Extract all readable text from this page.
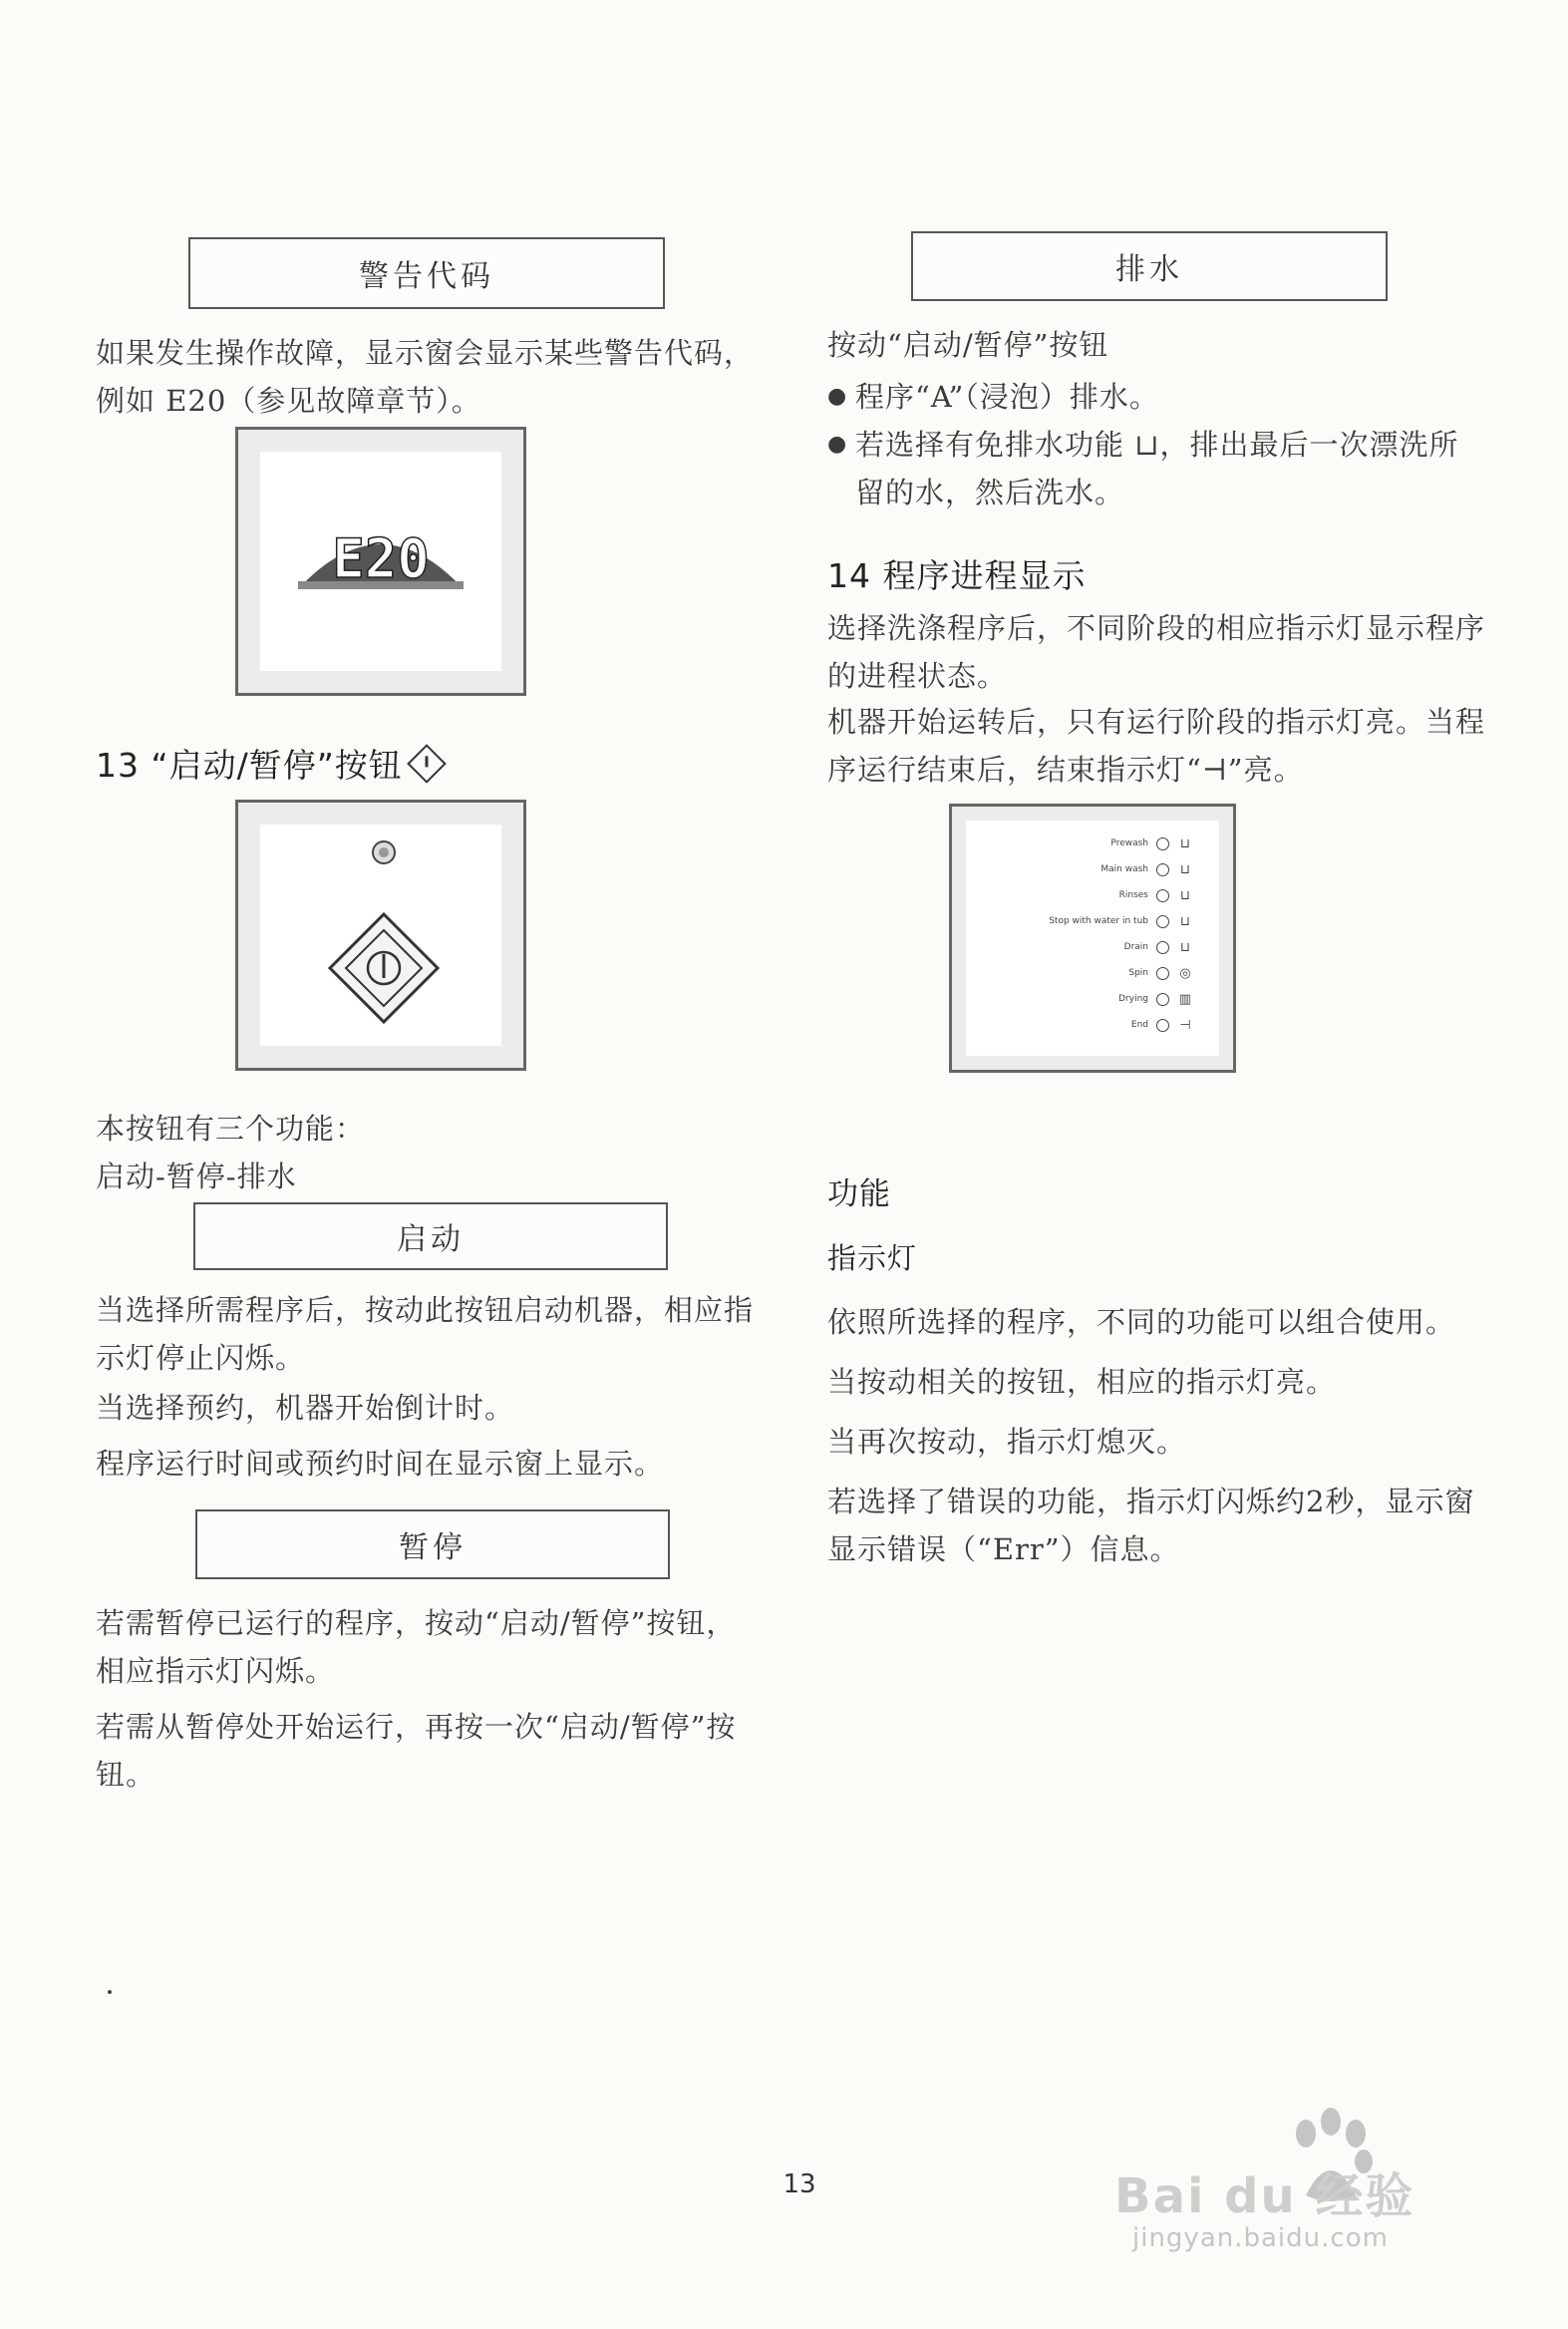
警告代码
如果发生操作故障，显示窗会显示某些警告代码，例如 E20（参见故障章节）。
E20
13 “启动/暂停”按钮
本按钮有三个功能：
启动-暂停-排水
启动
当选择所需程序后，按动此按钮启动机器，相应指示灯停止闪烁。
当选择预约，机器开始倒计时。
程序运行时间或预约时间在显示窗上显示。
暂停
若需暂停已运行的程序，按动“启动/暂停”按钮，相应指示灯闪烁。
若需从暂停处开始运行，再按一次“启动/暂停”按钮。
排水
按动“启动/暂停”按钮
● 程序“A”（浸泡）排水。
● 若选择有免排水功能 ⊔，排出最后一次漂洗所留的水，然后洗水。
14 程序进程显示
选择洗涤程序后，不同阶段的相应指示灯显示程序的进程状态。
机器开始运转后，只有运行阶段的指示灯亮。当程序运行结束后，结束指示灯“⊣”亮。
Prewash ⊔
Main wash ⊔
Rinses ⊔
Stop with water in tub ⊔
Drain ⊔
Spin ◎
Drying ▥
End ⊣
功能
指示灯
依照所选择的程序，不同的功能可以组合使用。
当按动相关的按钮，相应的指示灯亮。
当再次按动，指示灯熄灭。
若选择了错误的功能，指示灯闪烁约2秒，显示窗显示错误（“Err”）信息。
13	Bai du 经验
jingyan.baidu.com
